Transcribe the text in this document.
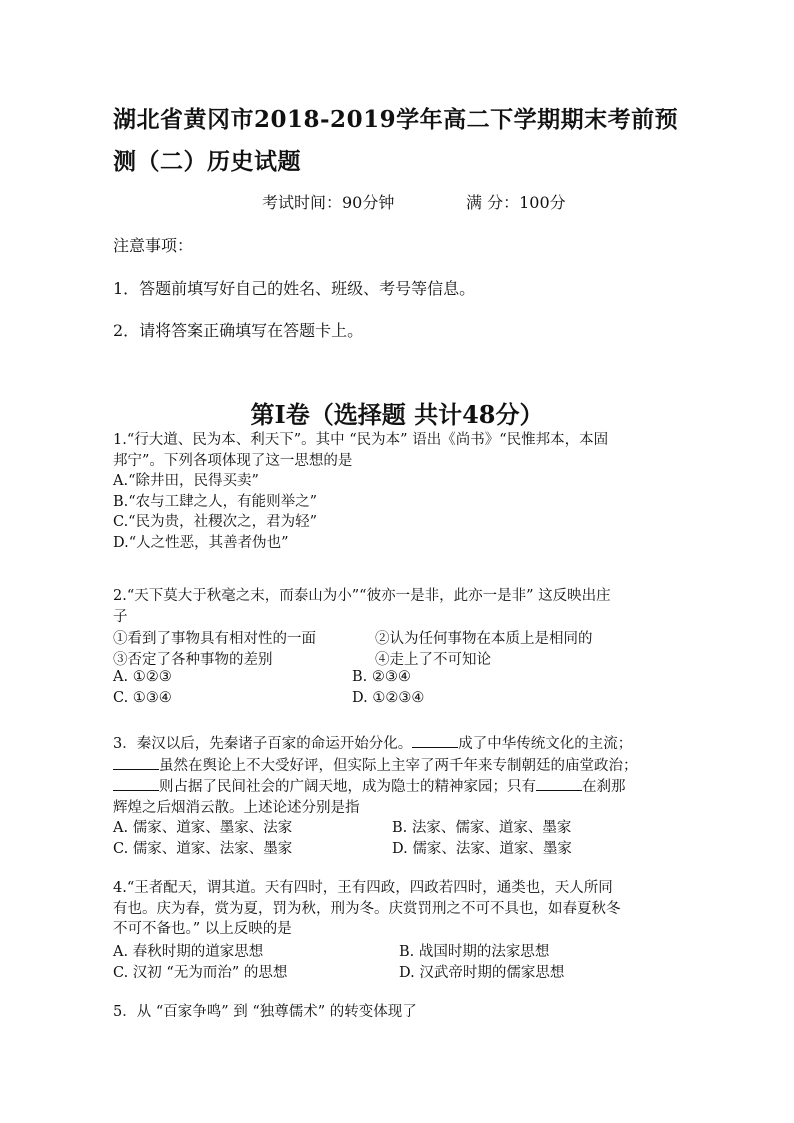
湖北省黄冈市2018-2019学年高二下学期期末考前预
测（二）历史试题
考试时间：90分钟	满 分：100分
注意事项：
1．答题前填写好自己的姓名、班级、考号等信息。
2．请将答案正确填写在答题卡上。
第I卷（选择题 共计48分）
1.“行大道、民为本、利天下”。其中 “民为本” 语出《尚书》“民惟邦本，本固
邦宁”。下列各项体现了这一思想的是
A.“除井田，民得买卖”
B.“农与工肆之人，有能则举之”
C.“民为贵，社稷次之，君为轻”
D.“人之性恶，其善者伪也”
2.“天下莫大于秋毫之末，而泰山为小”“彼亦一是非，此亦一是非” 这反映出庄
子
①看到了事物具有相对性的一面	②认为任何事物在本质上是相同的
③否定了各种事物的差别	④走上了不可知论
A. ①②③	B. ②③④
C. ①③④	D. ①②③④
3．秦汉以后，先秦诸子百家的命运开始分化。	成了中华传统文化的主流；
虽然在舆论上不大受好评，但实际上主宰了两千年来专制朝廷的庙堂政治；
则占据了民间社会的广阔天地，成为隐士的精神家园；只有	在刹那
辉煌之后烟消云散。上述论述分别是指
A. 儒家、道家、墨家、法家	B. 法家、儒家、道家、墨家
C. 儒家、道家、法家、墨家	D. 儒家、法家、道家、墨家
4.“王者配天，谓其道。天有四时，王有四政，四政若四时，通类也，天人所同
有也。庆为春，赏为夏，罚为秋，刑为冬。庆赏罚刑之不可不具也，如春夏秋冬
不可不备也。” 以上反映的是
A. 春秋时期的道家思想	B. 战国时期的法家思想
C. 汉初 “无为而治” 的思想	D. 汉武帝时期的儒家思想
5．从 “百家争鸣” 到 “独尊儒术” 的转变体现了
